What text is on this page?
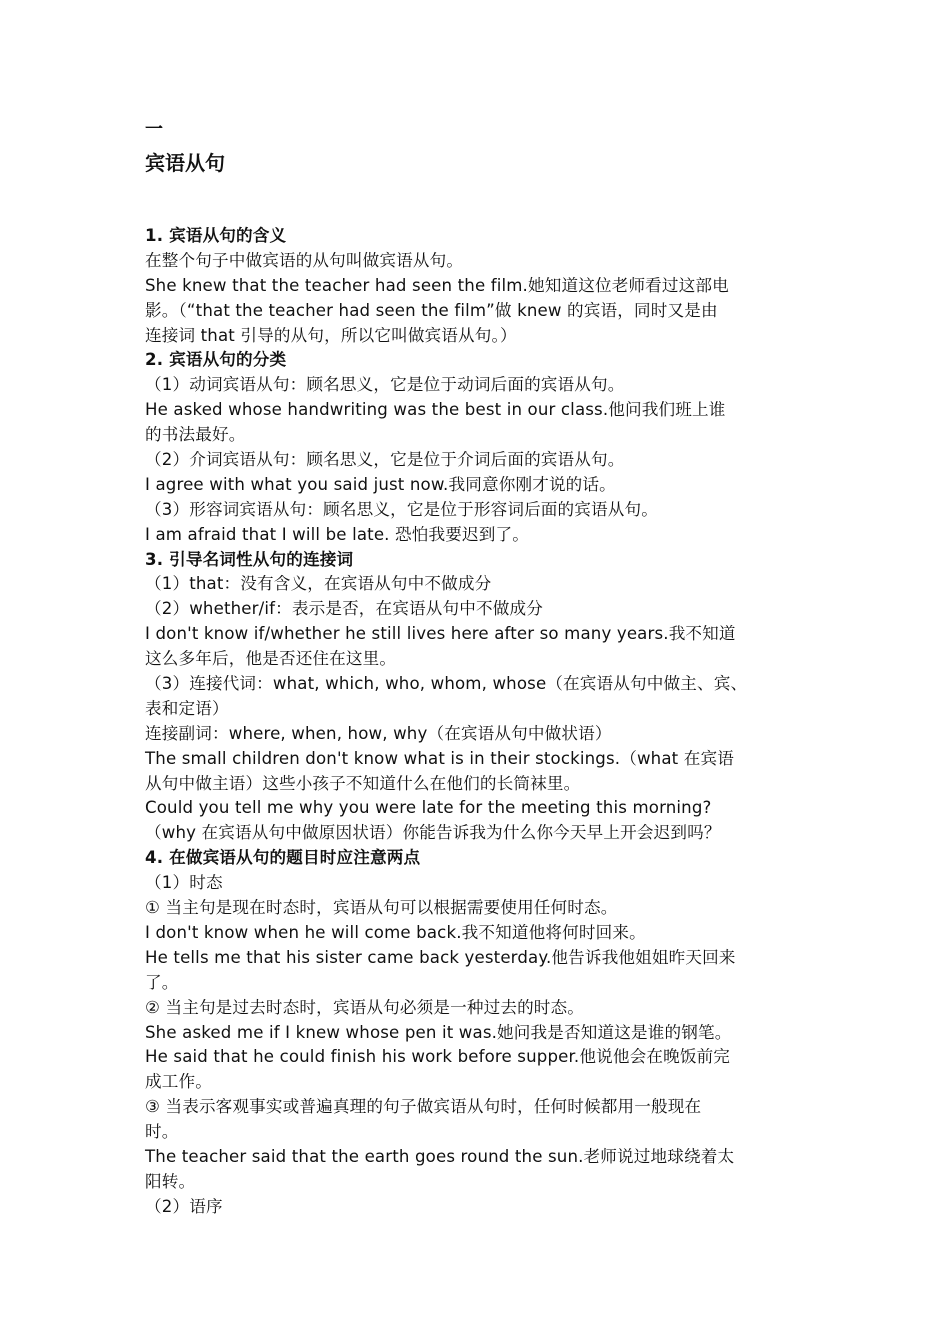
一
宾语从句
1. 宾语从句的含义
在整个句子中做宾语的从句叫做宾语从句。
She knew that the teacher had seen the film.她知道这位老师看过这部电
影。（“that the teacher had seen the film”做 knew 的宾语，同时又是由
连接词 that 引导的从句，所以它叫做宾语从句。）
2. 宾语从句的分类
（1）动词宾语从句：顾名思义，它是位于动词后面的宾语从句。
He asked whose handwriting was the best in our class.他问我们班上谁
的书法最好。
（2）介词宾语从句：顾名思义，它是位于介词后面的宾语从句。
I agree with what you said just now.我同意你刚才说的话。
（3）形容词宾语从句：顾名思义，它是位于形容词后面的宾语从句。
I am afraid that I will be late. 恐怕我要迟到了。
3. 引导名词性从句的连接词
（1）that：没有含义，在宾语从句中不做成分
（2）whether/if：表示是否，在宾语从句中不做成分
I don't know if/whether he still lives here after so many years.我不知道
这么多年后，他是否还住在这里。
（3）连接代词：what, which, who, whom, whose（在宾语从句中做主、宾、
表和定语）
连接副词：where, when, how, why（在宾语从句中做状语）
The small children don't know what is in their stockings.（what 在宾语
从句中做主语）这些小孩子不知道什么在他们的长筒袜里。
Could you tell me why you were late for the meeting this morning?
（why 在宾语从句中做原因状语）你能告诉我为什么你今天早上开会迟到吗？
4. 在做宾语从句的题目时应注意两点
（1）时态
① 当主句是现在时态时，宾语从句可以根据需要使用任何时态。
I don't know when he will come back.我不知道他将何时回来。
He tells me that his sister came back yesterday.他告诉我他姐姐昨天回来
了。
② 当主句是过去时态时，宾语从句必须是一种过去的时态。
She asked me if I knew whose pen it was.她问我是否知道这是谁的钢笔。
He said that he could finish his work before supper.他说他会在晚饭前完
成工作。
③ 当表示客观事实或普遍真理的句子做宾语从句时，任何时候都用一般现在
时。
The teacher said that the earth goes round the sun.老师说过地球绕着太
阳转。
（2）语序
